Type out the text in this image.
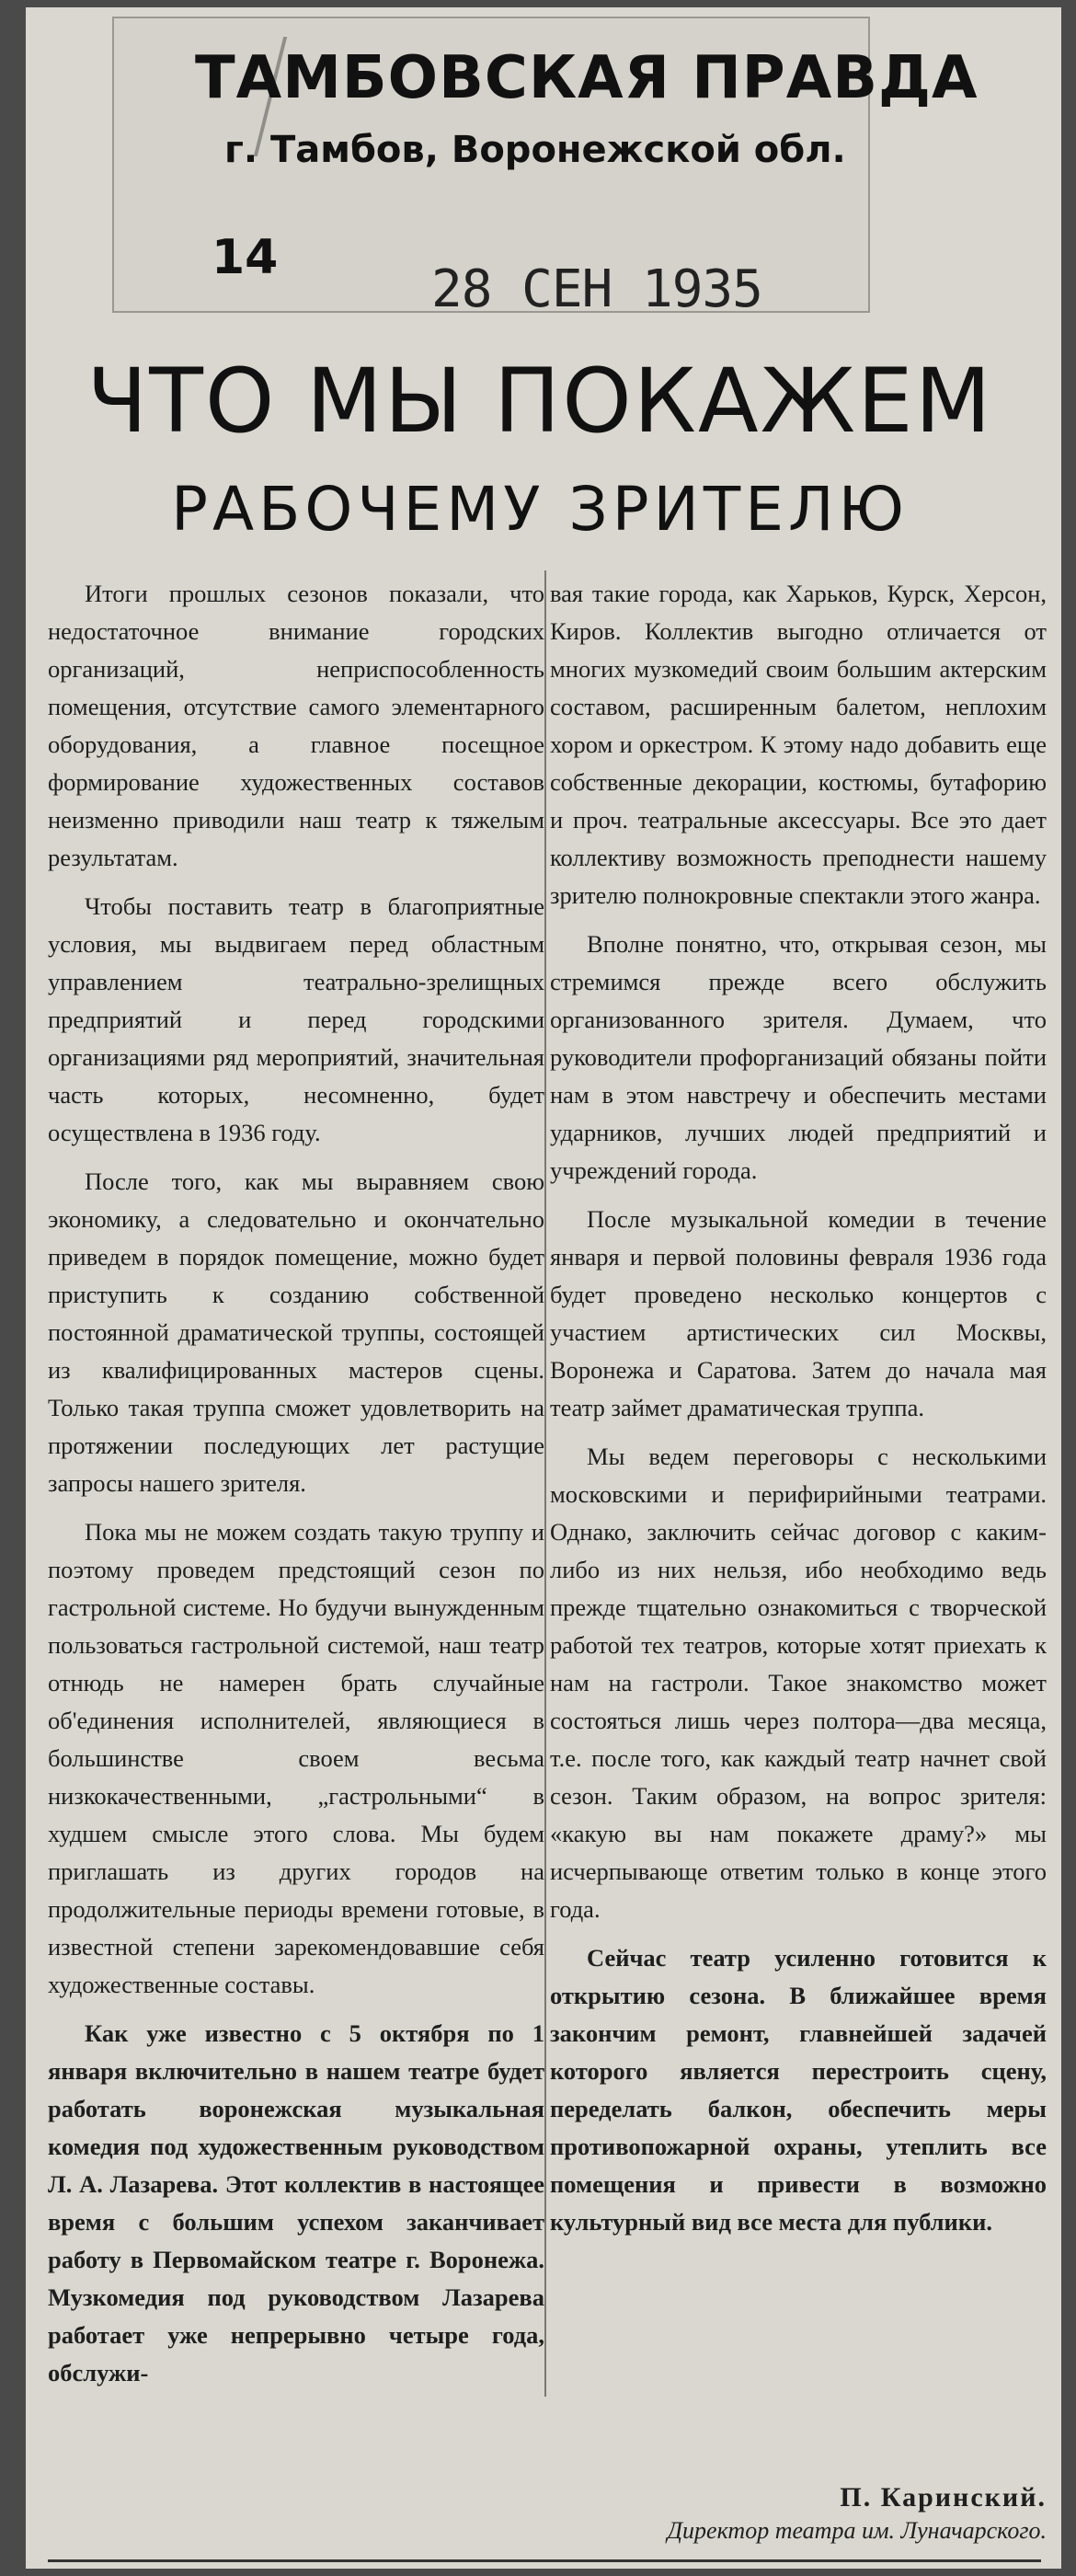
ТАМБОВСКАЯ ПРАВДА
г. Тамбов, Воронежской обл.
14
28 СЕН 1935
ЧТО МЫ ПОКАЖЕМ
РАБОЧЕМУ ЗРИТЕЛЮ

Итоги прошлых сезонов показали, что недостаточное внимание городских организаций, неприспособленность помещения, отсутствие самого элементарного оборудования, а главное посещное формирование художественных составов неизменно приводили наш театр к тяжелым результатам.

Чтобы поставить театр в благоприятные условия, мы выдвигаем перед областным управлением театрально-зрелищных предприятий и перед городскими организациями ряд мероприятий, значительная часть которых, несомненно, будет осуществлена в 1936 году.

После того, как мы выравняем свою экономику, а следовательно и окончательно приведем в порядок помещение, можно будет приступить к созданию собственной постоянной драматической труппы, состоящей из квалифицированных мастеров сцены. Только такая труппа сможет удовлетворить на протяжении последующих лет растущие запросы нашего зрителя.

Пока мы не можем создать такую труппу и поэтому проведем предстоящий сезон по гастрольной системе. Но будучи вынужденным пользоваться гастрольной системой, наш театр отнюдь не намерен брать случайные об'единения исполнителей, являющиеся в большинстве своем весьма низкокачественными, „гастрольными“ в худшем смысле этого слова. Мы будем приглашать из других городов на продолжительные периоды времени готовые, в известной степени зарекомендовавшие себя художественные составы.

Как уже известно с 5 октября по 1 января включительно в нашем театре будет работать воронежская музыкальная комедия под художественным руководством Л. А. Лазарева. Этот коллектив в настоящее время с большим успехом заканчивает работу в Первомайском театре г. Воронежа. Музкомедия под руководством Лазарева работает уже непрерывно четыре года, обслужи-

вая такие города, как Харьков, Курск, Херсон, Киров. Коллектив выгодно отличается от многих музкомедий своим большим актерским составом, расширенным балетом, неплохим хором и оркестром. К этому надо добавить еще собственные декорации, костюмы, бутафорию и проч. театральные аксессуары. Все это дает коллективу возможность преподнести нашему зрителю полнокровные спектакли этого жанра.

Вполне понятно, что, открывая сезон, мы стремимся прежде всего обслужить организованного зрителя. Думаем, что руководители профорганизаций обязаны пойти нам в этом навстречу и обеспечить местами ударников, лучших людей предприятий и учреждений города.

После музыкальной комедии в течение января и первой половины февраля 1936 года будет проведено несколько концертов с участием артистических сил Москвы, Воронежа и Саратова. Затем до начала мая театр займет драматическая труппа.

Мы ведем переговоры с несколькими московскими и перифирийными театрами. Однако, заключить сейчас договор с каким-либо из них нельзя, ибо необходимо ведь прежде тщательно ознакомиться с творческой работой тех театров, которые хотят приехать к нам на гастроли. Такое знакомство может состояться лишь через полтора—два месяца, т.е. после того, как каждый театр начнет свой сезон. Таким образом, на вопрос зрителя: «какую вы нам покажете драму?» мы исчерпывающе ответим только в конце этого года.

Сейчас театр усиленно готовится к открытию сезона. В ближайшее время закончим ремонт, главнейшей задачей которого является перестроить сцену, переделать балкон, обеспечить меры противопожарной охраны, утеплить все помещения и привести в возможно культурный вид все места для публики.

П. Каринский.
Директор театра им. Луначарского.
